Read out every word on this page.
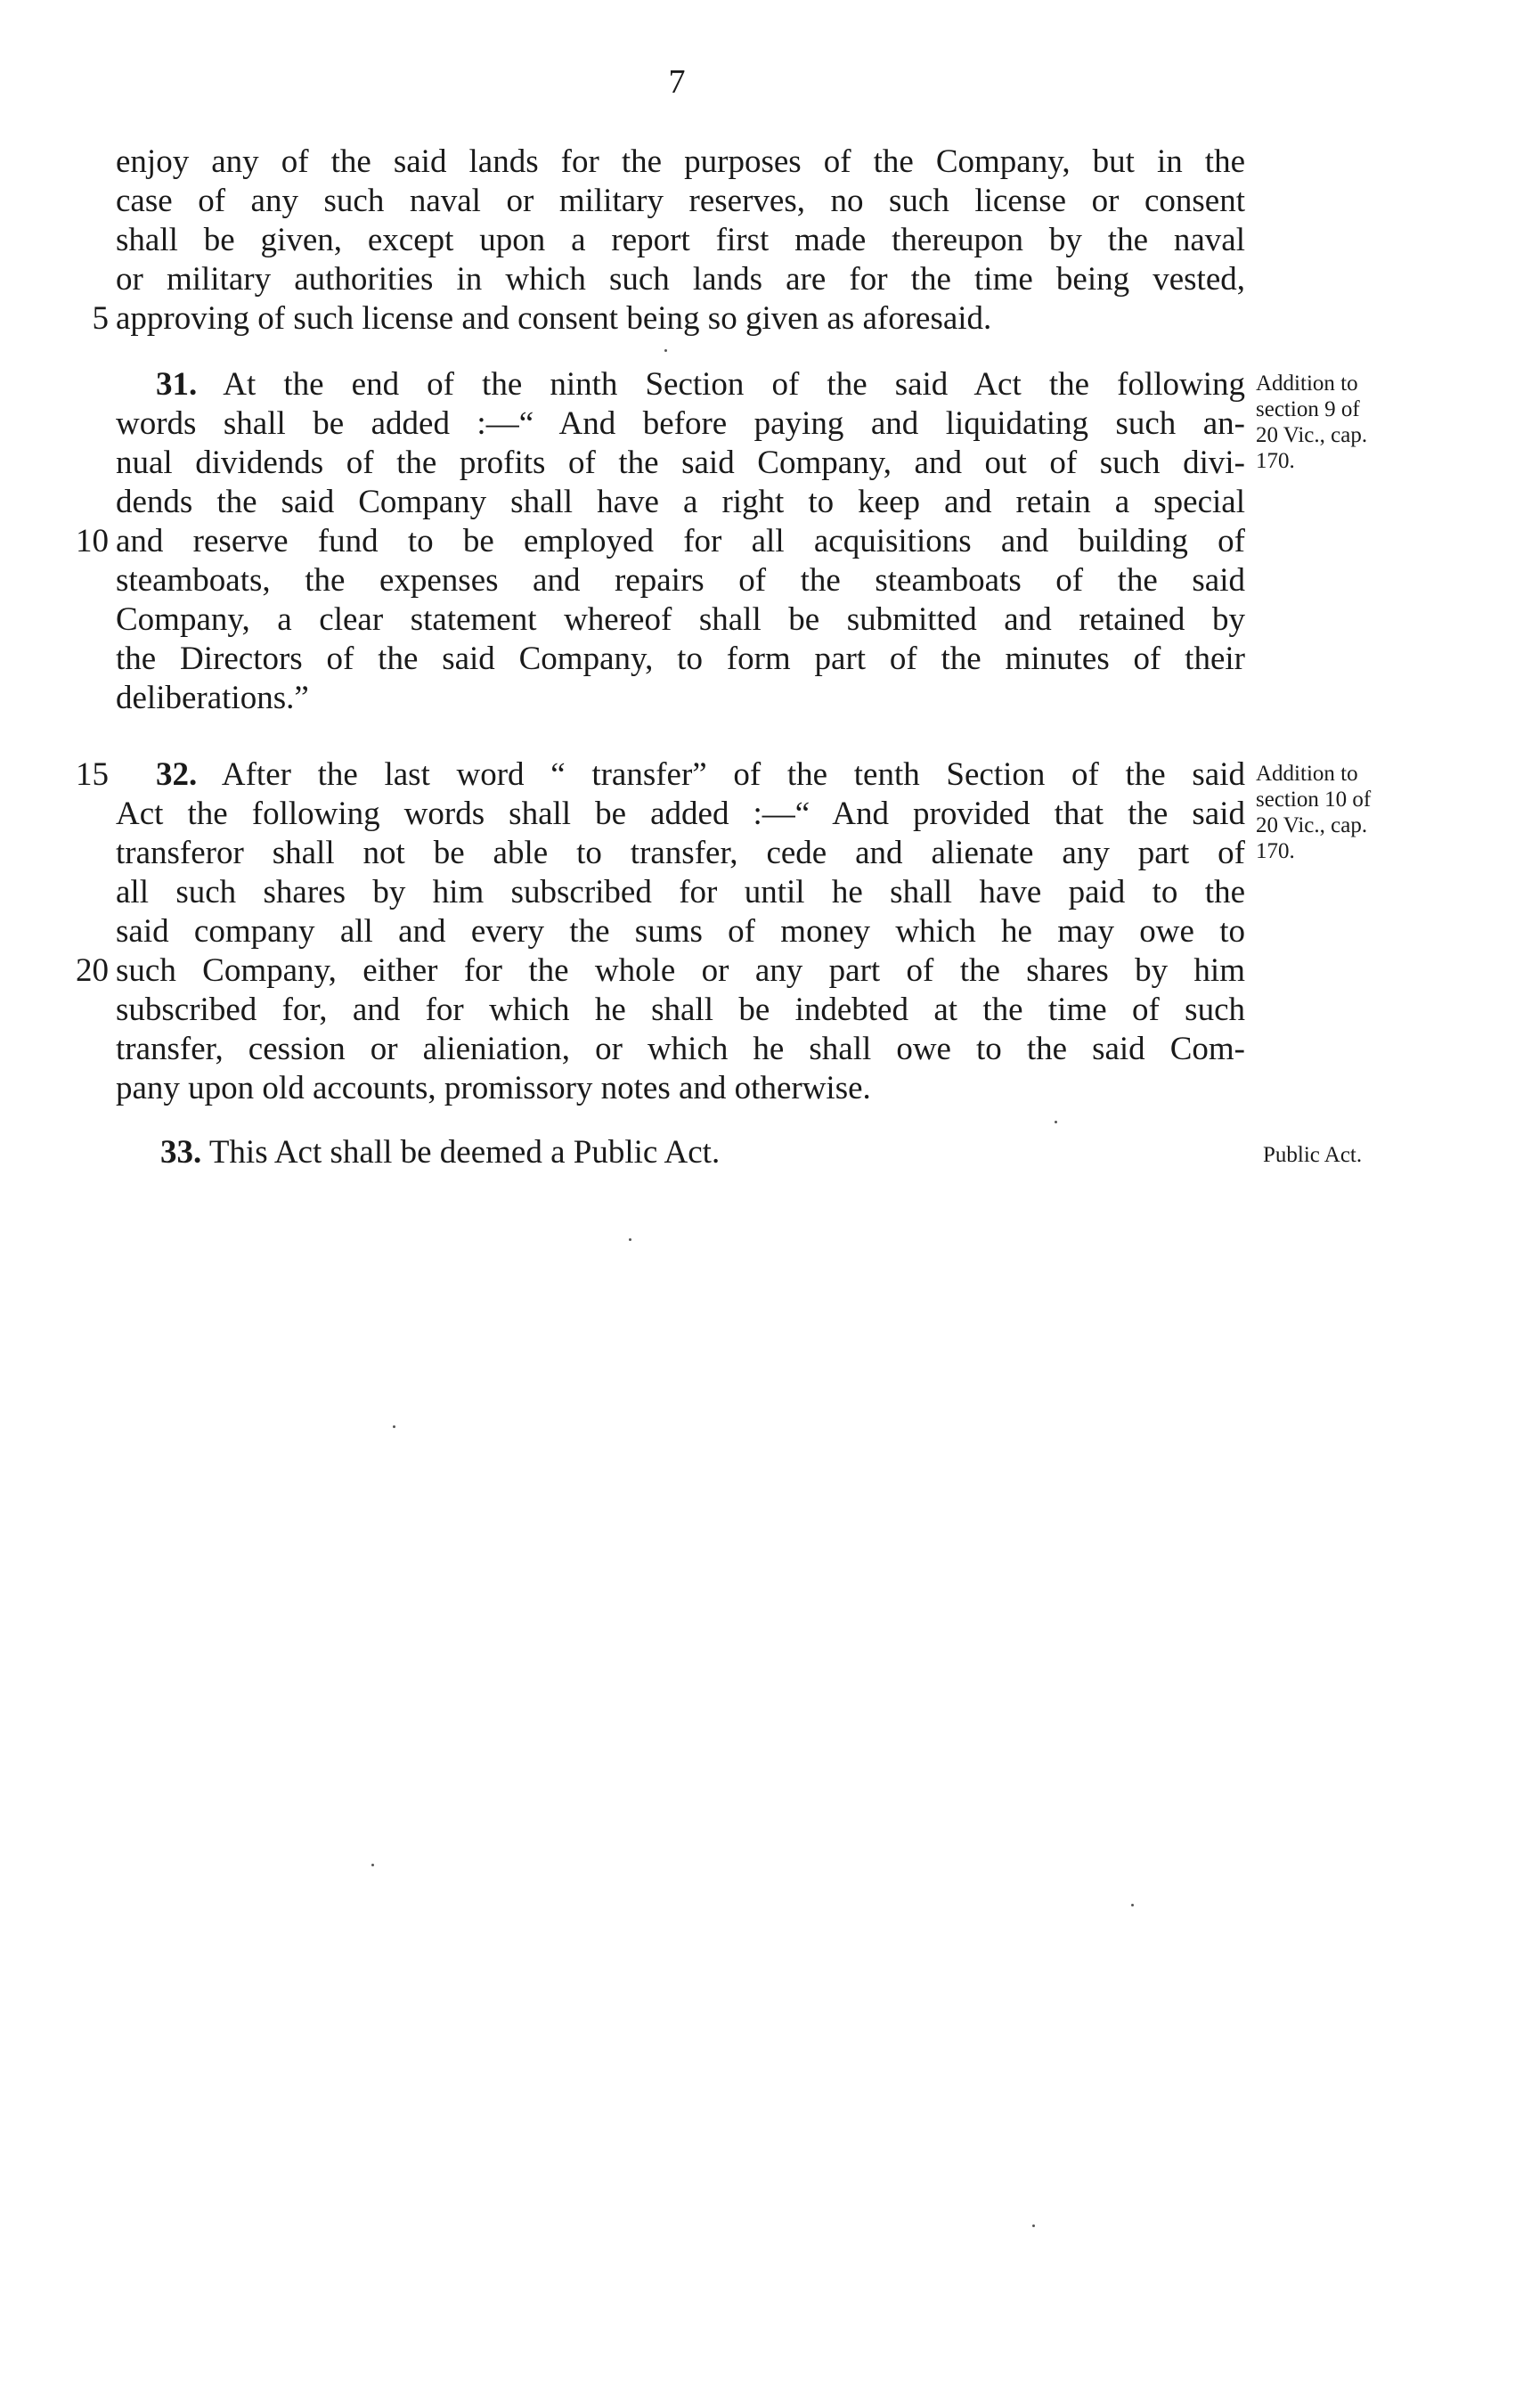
7
enjoy any of the said lands for the purposes of the Company, but in the
case of any such naval or military reserves, no such license or consent
shall be given, except upon a report first made thereupon by the naval
or military authorities in which such lands are for the time being vested,
5 approving of such license and consent being so given as aforesaid.
31. At the end of the ninth Section of the said Act the following
words shall be added :—“ And before paying and liquidating such an-
nual dividends of the profits of the said Company, and out of such divi-
dends the said Company shall have a right to keep and retain a special
10 and reserve fund to be employed for all acquisitions and building of
steamboats, the expenses and repairs of the steamboats of the said
Company, a clear statement whereof shall be submitted and retained by
the Directors of the said Company, to form part of the minutes of their
deliberations.”
Addition to
section 9 of
20 Vic., cap.
170.
15 32. After the last word “ transfer” of the tenth Section of the said
Act the following words shall be added :—“ And provided that the said
transferor shall not be able to transfer, cede and alienate any part of
all such shares by him subscribed for until he shall have paid to the
said company all and every the sums of money which he may owe to
20 such Company, either for the whole or any part of the shares by him
subscribed for, and for which he shall be indebted at the time of such
transfer, cession or alieniation, or which he shall owe to the said Com-
pany upon old accounts, promissory notes and otherwise.
Addition to
section 10 of
20 Vic., cap.
170.
33. This Act shall be deemed a Public Act.	Public Act.
